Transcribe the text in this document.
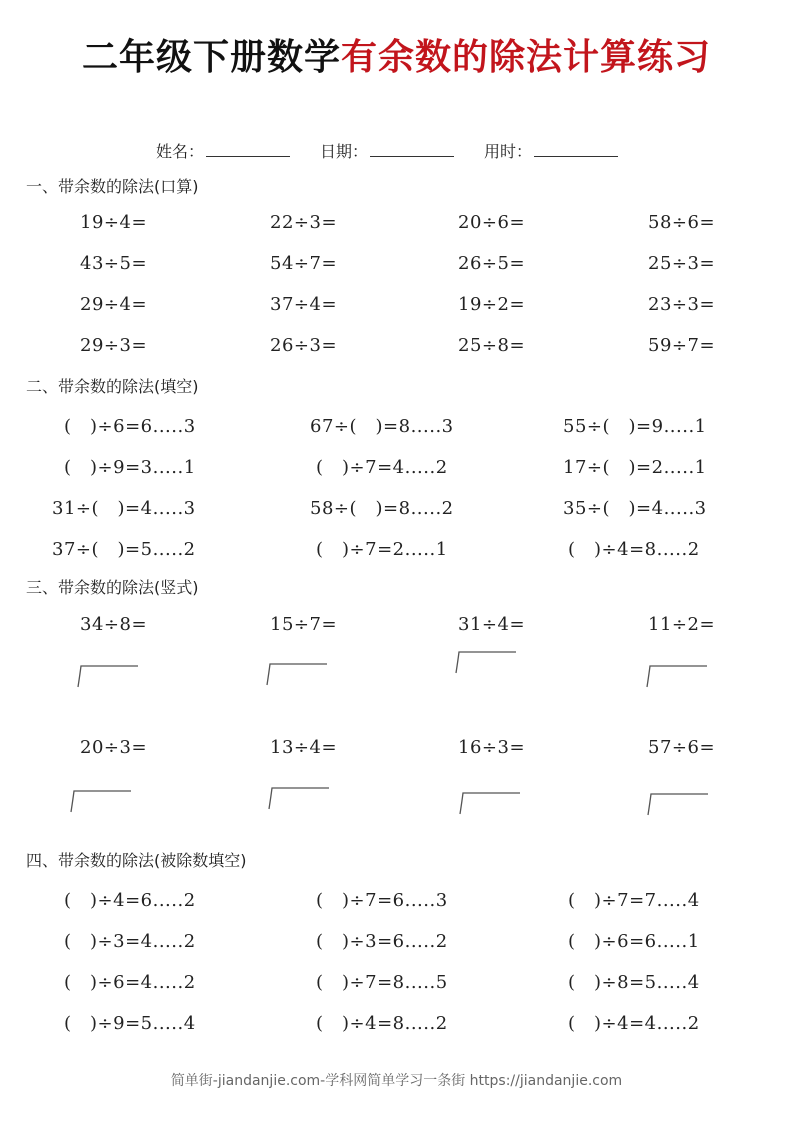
二年级下册数学有余数的除法计算练习
姓名：	日期：	用时：
一、带余数的除法(口算)
19÷4=	22÷3=	20÷6=	58÷6=
43÷5=	54÷7=	26÷5=	25÷3=
29÷4=	37÷4=	19÷2=	23÷3=
29÷3=	26÷3=	25÷8=	59÷7=
二、带余数的除法(填空)
(　)÷6=6.....3	67÷(　)=8.....3	55÷(　)=9.....1
(　)÷9=3.....1	(　)÷7=4.....2	17÷(　)=2.....1
31÷(　)=4.....3	58÷(　)=8.....2	35÷(　)=4.....3
37÷(　)=5.....2	(　)÷7=2.....1	(　)÷4=8.....2
三、带余数的除法(竖式)
34÷8=	15÷7=	31÷4=	11÷2=
20÷3=	13÷4=	16÷3=	57÷6=
四、带余数的除法(被除数填空)
(　)÷4=6.....2	(　)÷7=6.....3	(　)÷7=7.....4
(　)÷3=4.....2	(　)÷3=6.....2	(　)÷6=6.....1
(　)÷6=4.....2	(　)÷7=8.....5	(　)÷8=5.....4
(　)÷9=5.....4	(　)÷4=8.....2	(　)÷4=4.....2
简单街-jiandanjie.com-学科网简单学习一条街 https://jiandanjie.com
